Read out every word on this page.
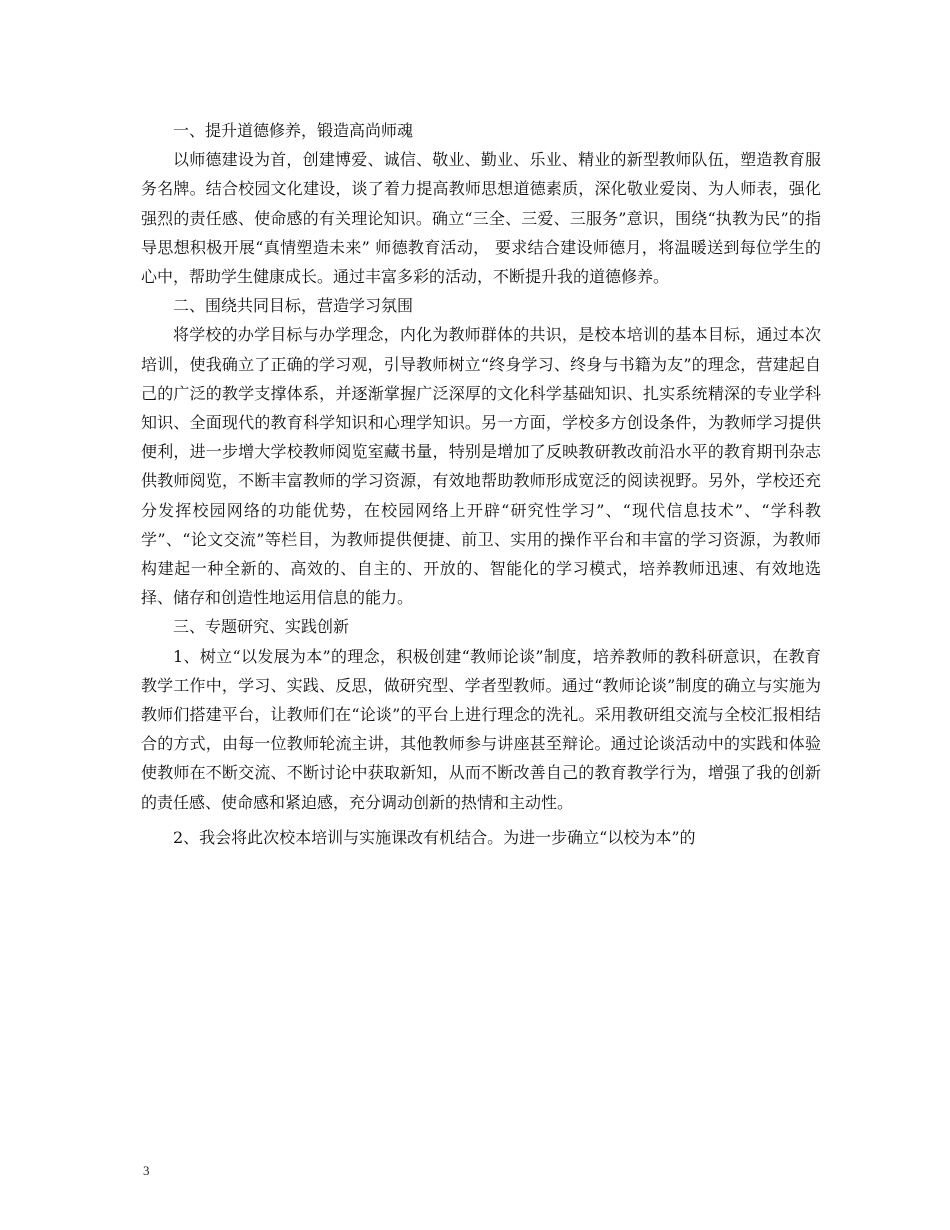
一、提升道德修养，锻造高尚师魂

以师德建设为首，创建博爱、诚信、敬业、勤业、乐业、精业的新型教师队伍，塑造教育服务名牌。结合校园文化建设，谈了着力提高教师思想道德素质，深化敬业爱岗、为人师表，强化强烈的责任感、使命感的有关理论知识。确立“三全、三爱、三服务”意识，围绕“执教为民”的指导思想积极开展“真情塑造未来” 师德教育活动， 要求结合建设师德月，将温暖送到每位学生的心中，帮助学生健康成长。通过丰富多彩的活动，不断提升我的道德修养。

二、围绕共同目标，营造学习氛围

将学校的办学目标与办学理念，内化为教师群体的共识，是校本培训的基本目标，通过本次培训，使我确立了正确的学习观，引导教师树立“终身学习、终身与书籍为友”的理念，营建起自己的广泛的教学支撑体系，并逐渐掌握广泛深厚的文化科学基础知识、扎实系统精深的专业学科知识、全面现代的教育科学知识和心理学知识。另一方面，学校多方创设条件，为教师学习提供便利，进一步增大学校教师阅览室藏书量，特别是增加了反映教研教改前沿水平的教育期刊杂志供教师阅览，不断丰富教师的学习资源，有效地帮助教师形成宽泛的阅读视野。另外，学校还充分发挥校园网络的功能优势，在校园网络上开辟“研究性学习”、“现代信息技术”、“学科教学”、“论文交流”等栏目，为教师提供便捷、前卫、实用的操作平台和丰富的学习资源，为教师构建起一种全新的、高效的、自主的、开放的、智能化的学习模式，培养教师迅速、有效地选择、储存和创造性地运用信息的能力。

三、专题研究、实践创新

1、树立“以发展为本”的理念，积极创建“教师论谈”制度，培养教师的教科研意识，在教育教学工作中，学习、实践、反思，做研究型、学者型教师。通过“教师论谈”制度的确立与实施为教师们搭建平台，让教师们在“论谈”的平台上进行理念的洗礼。采用教研组交流与全校汇报相结合的方式，由每一位教师轮流主讲，其他教师参与讲座甚至辩论。通过论谈活动中的实践和体验使教师在不断交流、不断讨论中获取新知，从而不断改善自己的教育教学行为，增强了我的创新的责任感、使命感和紧迫感，充分调动创新的热情和主动性。

2、我会将此次校本培训与实施课改有机结合。为进一步确立“以校为本”的

3
